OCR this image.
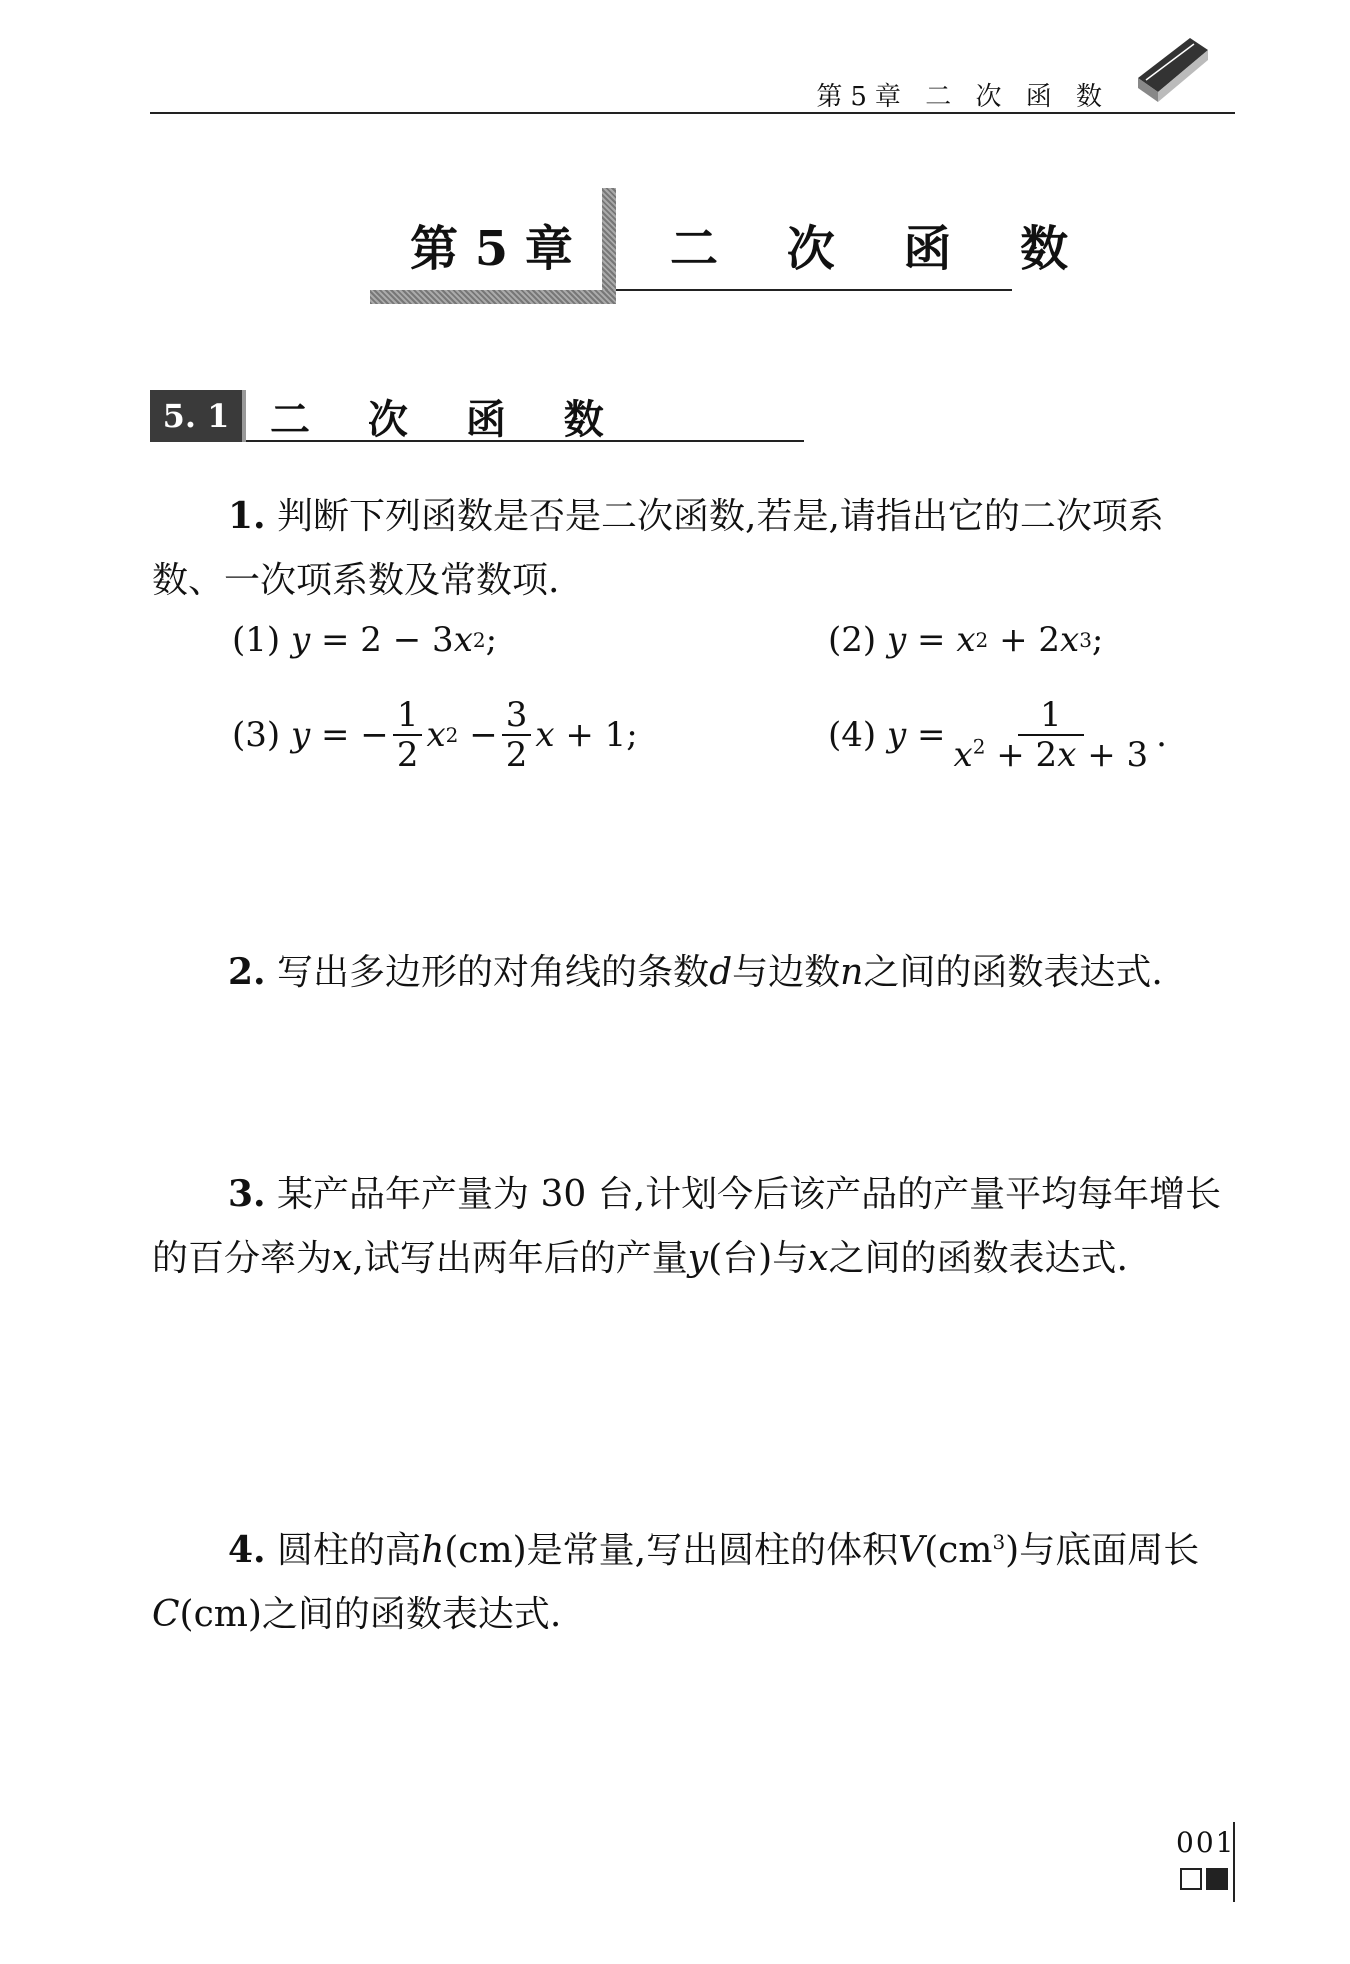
第5章 二 次 函 数
第 5 章 二 次 函 数
5. 1	二 次 函 数

1. 判断下列函数是否是二次函数,若是,请指出它的二次项系数、一次项系数及常数项.

(1)
y
= 2 − 3 x 2 ;	(2)
y
=
x 2
+ 2 x 3 ;
(3)
y
= − $\frac{1}{2}$ x 2
− $\frac{3}{2}$ x
+ 1 ;	(4)
y
= $\frac{1}{x^2 + 2x + 3}$ .

2. 写出多边形的对角线的条数d与边数n之间的函数表达式.

3. 某产品年产量为 30 台,计划今后该产品的产量平均每年增长的百分率为x,试写出两年后的产量y(台)与x之间的函数表达式.

4. 圆柱的高h(cm)是常量,写出圆柱的体积$V(cm^3)$与底面周长C(cm)之间的函数表达式.

001
